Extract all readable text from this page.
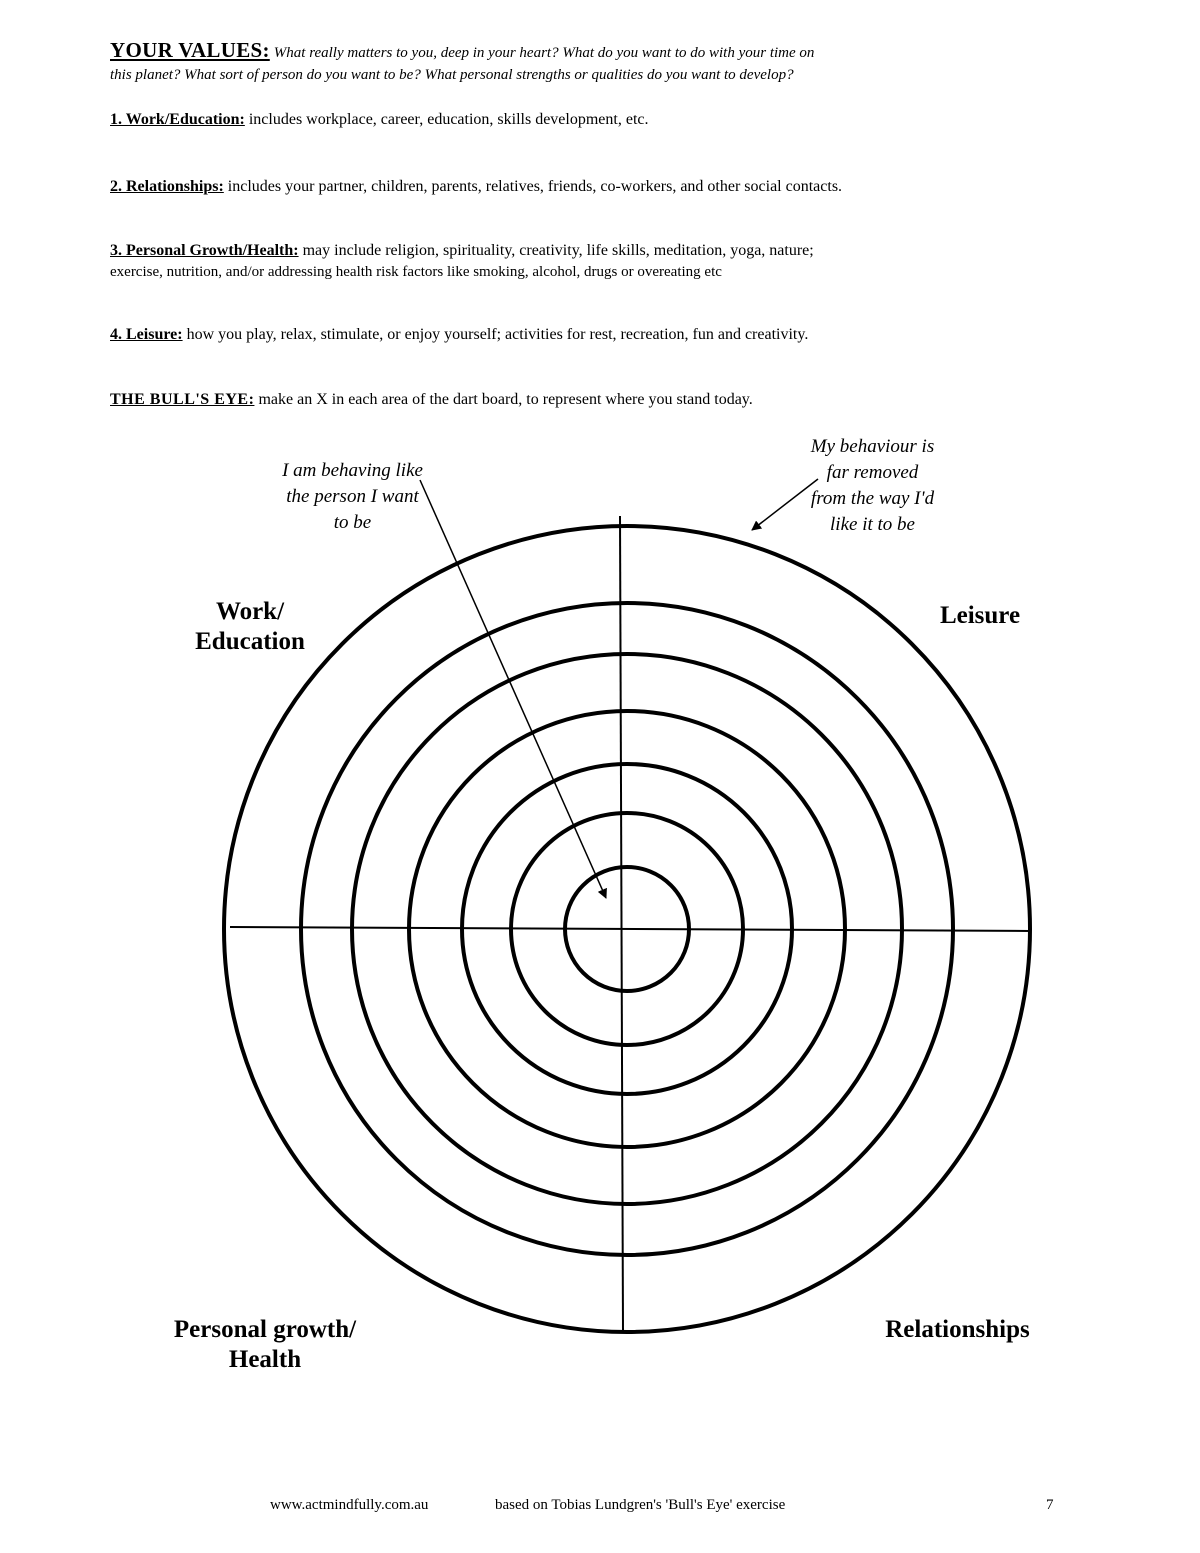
YOUR VALUES: What really matters to you, deep in your heart? What do you want to do with your time on
this planet? What sort of person do you want to be? What personal strengths or qualities do you want to develop?
1. Work/Education: includes workplace, career, education, skills development, etc.
2. Relationships: includes your partner, children, parents, relatives, friends, co-workers, and other social contacts.
3. Personal Growth/Health: may include religion, spirituality, creativity, life skills, meditation, yoga, nature;
exercise, nutrition, and/or addressing health risk factors like smoking, alcohol, drugs or overeating etc
4. Leisure: how you play, relax, stimulate, or enjoy yourself; activities for rest, recreation, fun and creativity.
THE BULL'S EYE: make an X in each area of the dart board, to represent where you stand today.
I am behaving like
the person I want
to be
My behaviour is
far removed
from the way I'd
like it to be
Work/
Education
Leisure
Personal growth/
Health
Relationships
www.actmindfully.com.au	based on Tobias Lundgren's 'Bull's Eye' exercise	7
